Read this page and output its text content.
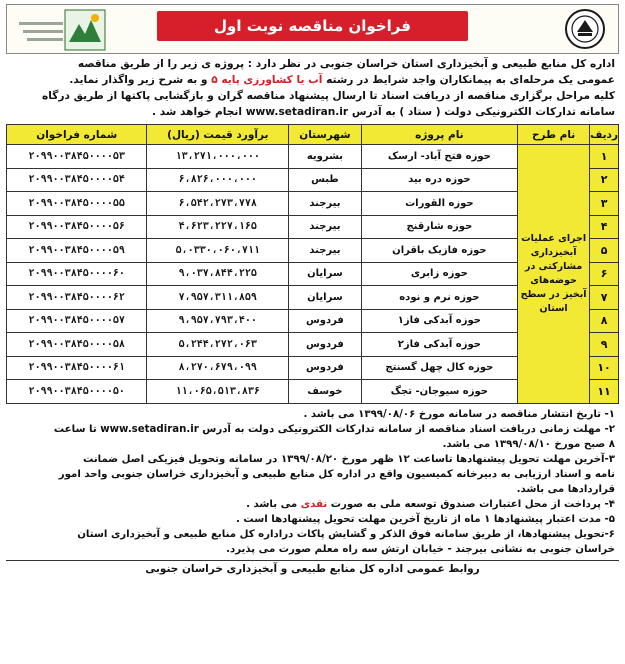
فراخوان مناقصه نوبت اول
اداره کل منابع طبیعی و آبخیزداری استان خراسان جنوبی در نظر دارد : پروژه ی زیر را از طریق مناقصه
عمومی یک مرحله‌ای به پیمانکاران واجد شرایط در رشته آب یا کشاورزی پایه ۵ و به شرح زیر واگذار نماید.
کلیه مراحل برگزاری مناقصه از دریافت اسناد تا ارسال پیشنهاد مناقصه گران و بازگشایی پاکتها از طریق درگاه
سامانه تدارکات الکترونیکی دولت ( ستاد ) به آدرس www.setadiran.ir انجام خواهد شد .
ردیف	نام طرح	نام پروژه	شهرستان	برآورد قیمت (ریال)	شماره فراخوان
۱	اجرای عملیات آبخیزداری مشارکتی در حوضه‌های آبخیز در سطح استان	حوزه فتح آباد- ارسک	بشرویه	۱۳،۲۷۱،۰۰۰،۰۰۰	۲۰۹۹۰۰۳۸۴۵۰۰۰۰۵۳
۲		حوزه دره بید	طبس	۶،۸۲۶،۰۰۰،۰۰۰	۲۰۹۹۰۰۳۸۴۵۰۰۰۰۵۴
۳		حوزه القورات	بیرجند	۶،۵۴۲،۲۷۳،۷۷۸	۲۰۹۹۰۰۳۸۴۵۰۰۰۰۵۵
۴		حوزه شارقنج	بیرجند	۴،۶۲۳،۲۲۷،۱۶۵	۲۰۹۹۰۰۳۸۴۵۰۰۰۰۵۶
۵		حوزه فازیک باقران	بیرجند	۵،۰۳۳۰،۰۶۰،۷۱۱	۲۰۹۹۰۰۳۸۴۵۰۰۰۰۵۹
۶		حوزه زابری	سرایان	۹،۰۳۷،۸۴۴،۲۲۵	۲۰۹۹۰۰۳۸۴۵۰۰۰۰۶۰
۷		حوزه نرم و نوده	سرایان	۷،۹۵۷،۳۱۱،۸۵۹	۲۰۹۹۰۰۳۸۴۵۰۰۰۰۶۲
۸		حوزه آبدکی فاز۱	فردوس	۹،۹۵۷،۷۹۳،۴۰۰	۲۰۹۹۰۰۳۸۴۵۰۰۰۰۵۷
۹		حوزه آبدکی فاز۲	فردوس	۵،۲۴۴،۲۷۲،۰۶۳	۲۰۹۹۰۰۳۸۴۵۰۰۰۰۵۸
۱۰		حوزه کال چهل گسنتج	فردوس	۸،۲۷۰،۶۷۹،۰۹۹	۲۰۹۹۰۰۳۸۴۵۰۰۰۰۶۱
۱۱		حوزه سیوجان- تجگ	خوسف	۱۱،۰۶۵،۵۱۳،۸۳۶	۲۰۹۹۰۰۳۸۴۵۰۰۰۰۵۰

۱- تاریخ انتشار مناقصه در سامانه مورخ ۱۳۹۹/۰۸/۰۶ می باشد .

۲- مهلت زمانی دریافت اسناد مناقصه از سامانه تدارکات الکترونیکی دولت به آدرس www.setadiran.ir تا ساعت

۸ صبح مورخ ۱۳۹۹/۰۸/۱۰ می باشد.

۳-آخرین مهلت تحویل پیشنهادها تاساعت ۱۲ ظهر مورخ ۱۳۹۹/۰۸/۲۰ در سامانه وتحویل فیزیکی اصل ضمانت

نامه و اسناد ارزیابی به دبیرخانه کمیسیون واقع در اداره کل منابع طبیعی و آبخیزداری خراسان جنوبی واحد امور

قراردادها می باشد.

۴- پرداخت از محل اعتبارات صندوق توسعه ملی به صورت نقدی می باشد .

۵- مدت اعتبار پیشنهادها ۱ ماه از تاریخ آخرین مهلت تحویل پیشنهادها است .

۶-تحویل پیشنهادها، از طریق سامانه فوق الذکر و گشایش پاکات دراداره کل منابع طبیعی و آبخیزداری استان

خراسان جنوبی به نشانی بیرجند - خیابان ارتش سه راه معلم صورت می پذیرد.

روابط عمومی اداره کل منابع طبیعی و آبخیزداری خراسان جنوبی
